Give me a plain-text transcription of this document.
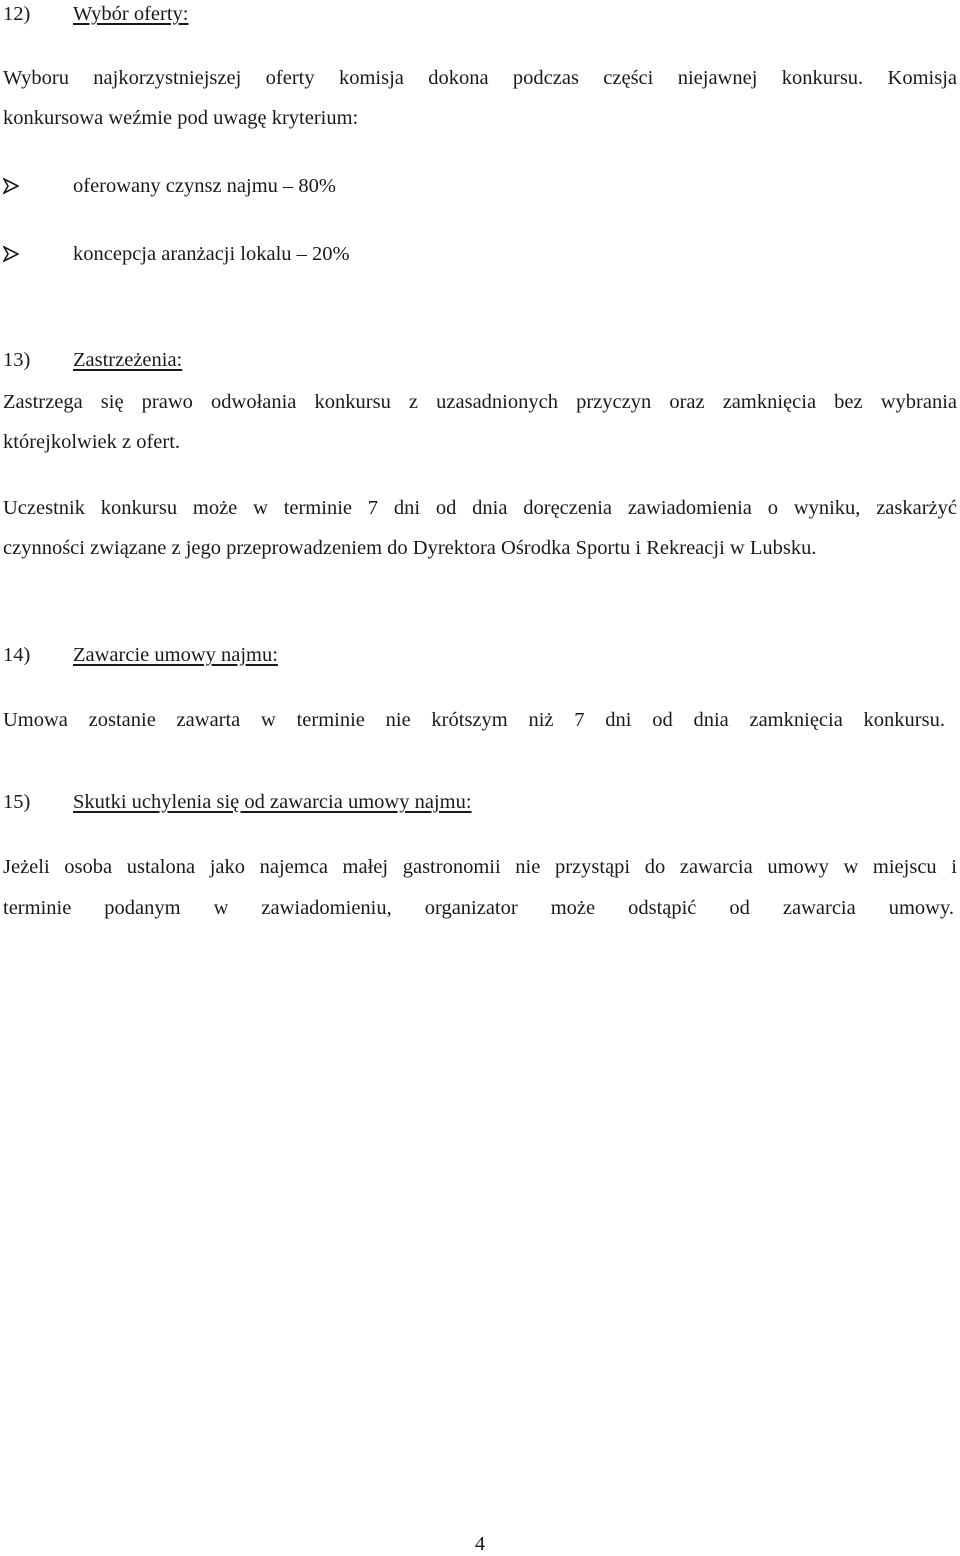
12) Wybór oferty:
Wyboru najkorzystniejszej oferty komisja dokona podczas części niejawnej konkursu. Komisja
konkursowa weźmie pod uwagę kryterium:
oferowany czynsz najmu – 80%
koncepcja aranżacji lokalu – 20%
13) Zastrzeżenia:
Zastrzega się prawo odwołania konkursu z uzasadnionych przyczyn oraz zamknięcia bez wybrania
którejkolwiek z ofert.
Uczestnik konkursu może w terminie 7 dni od dnia doręczenia zawiadomienia o wyniku, zaskarżyć
czynności związane z jego przeprowadzeniem do Dyrektora Ośrodka Sportu i Rekreacji w Lubsku.
14) Zawarcie umowy najmu:
Umowa zostanie zawarta w terminie nie krótszym niż 7 dni od dnia zamknięcia konkursu.
15) Skutki uchylenia się od zawarcia umowy najmu:
Jeżeli osoba ustalona jako najemca małej gastronomii nie przystąpi do zawarcia umowy w miejscu i
terminie podanym w zawiadomieniu, organizator może odstąpić od zawarcia umowy.
4
